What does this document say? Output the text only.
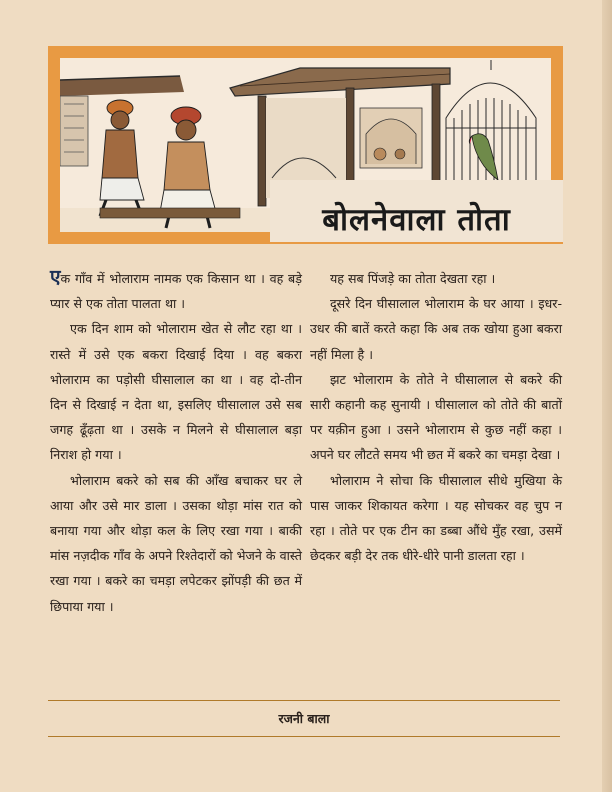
बोलनेवाला तोता

एक गाँव में भोलाराम नामक एक किसान था । वह बड़े प्यार से एक तोता पालता था ।

एक दिन शाम को भोलाराम खेत से लौट रहा था । रास्ते में उसे एक बकरा दिखाई दिया । वह बकरा भोलाराम का पड़ोसी घीसालाल का था । वह दो-तीन दिन से दिखाई न देता था, इसलिए घीसालाल उसे सब जगह ढूँढ़ता था । उसके न मिलने से घीसालाल बड़ा निराश हो गया ।

भोलाराम बकरे को सब की आँख बचाकर घर ले आया और उसे मार डाला । उसका थोड़ा मांस रात को बनाया गया और थोड़ा कल के लिए रखा गया । बाकी मांस नज़दीक गाँव के अपने रिश्तेदारों को भेजने के वास्ते रखा गया । बकरे का चमड़ा लपेटकर झोंपड़ी की छत में छिपाया गया ।

यह सब पिंजड़े का तोता देखता रहा ।

दूसरे दिन घीसालाल भोलाराम के घर आया । इधर-उधर की बातें करते कहा कि अब तक खोया हुआ बकरा नहीं मिला है ।

झट भोलाराम के तोते ने घीसालाल से बकरे की सारी कहानी कह सुनायी । घीसालाल को तोते की बातों पर यक़ीन हुआ । उसने भोलाराम से कुछ नहीं कहा । अपने घर लौटते समय भी छत में बकरे का चमड़ा देखा ।

भोलाराम ने सोचा कि घीसालाल सीधे मुखिया के पास जाकर शिकायत करेगा । यह सोचकर वह चुप न रहा । तोते पर एक टीन का डब्बा औंधे मुँह रखा, उसमें छेदकर बड़ी देर तक धीरे-धीरे पानी डालता रहा ।

रजनी बाला
